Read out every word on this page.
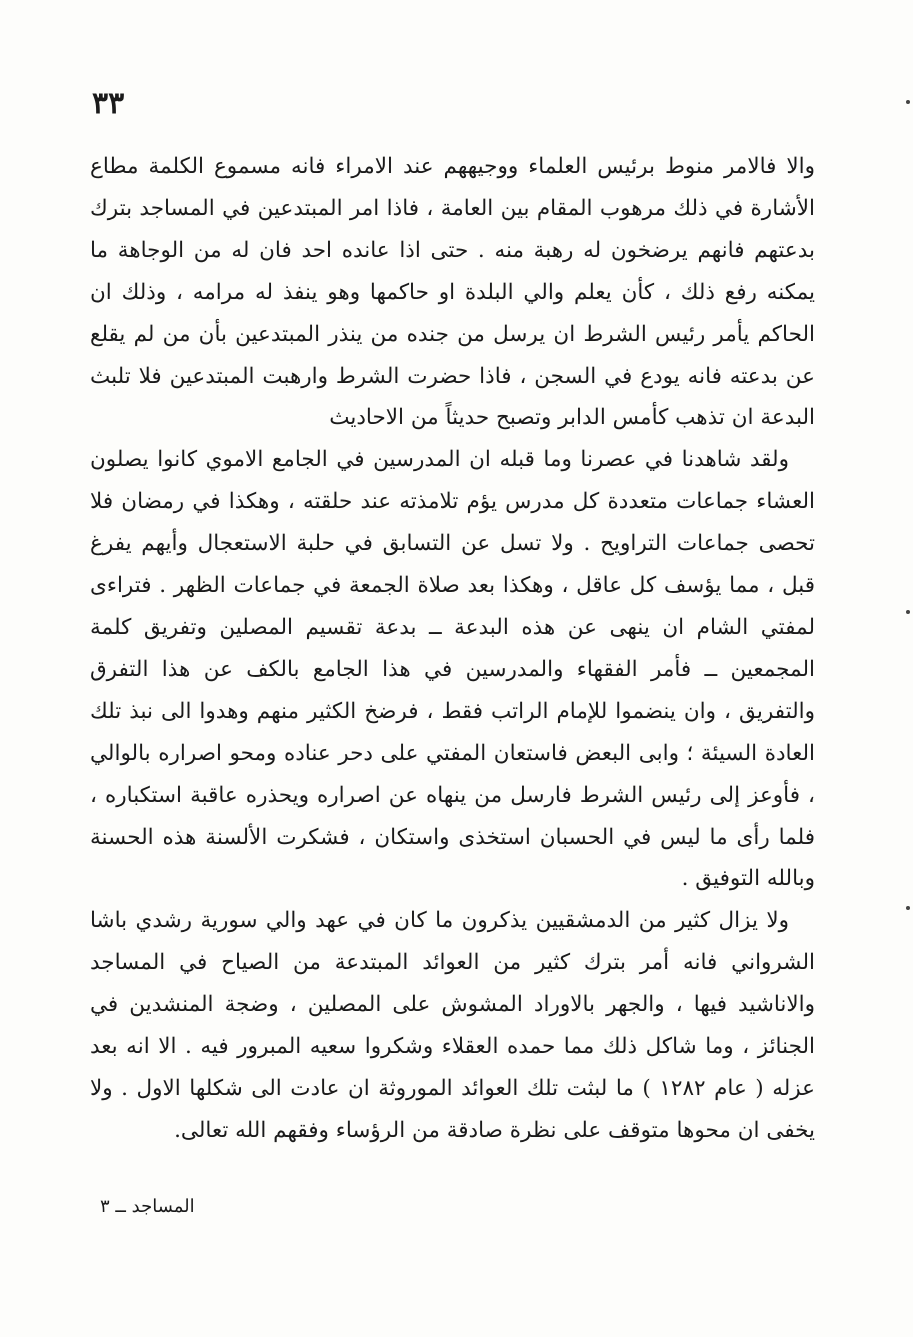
٣٣

والا فالامر منوط برئيس العلماء ووجيههم عند الامراء فانه مسموع الكلمة مطاع الأشارة في ذلك مرهوب المقام بين العامة ، فاذا امر المبتدعين في المساجد بترك بدعتهم فانهم يرضخون له رهبة منه . حتى اذا عانده احد فان له من الوجاهة ما يمكنه رفع ذلك ، كأن يعلم والي البلدة او حاكمها وهو ينفذ له مرامه ، وذلك ان الحاكم يأمر رئيس الشرط ان يرسل من جنده من ينذر المبتدعين بأن من لم يقلع عن بدعته فانه يودع في السجن ، فاذا حضرت الشرط وارهبت المبتدعين فلا تلبث البدعة ان تذهب كأمس الدابر وتصبح حديثاً من الاحاديث

ولقد شاهدنا في عصرنا وما قبله ان المدرسين في الجامع الاموي كانوا يصلون العشاء جماعات متعددة كل مدرس يؤم تلامذته عند حلقته ، وهكذا في رمضان فلا تحصى جماعات التراويح . ولا تسل عن التسابق في حلبة الاستعجال وأيهم يفرغ قبل ، مما يؤسف كل عاقل ، وهكذا بعد صلاة الجمعة في جماعات الظهر . فتراءى لمفتي الشام ان ينهى عن هذه البدعة ــ بدعة تقسيم المصلين وتفريق كلمة المجمعين ــ فأمر الفقهاء والمدرسين في هذا الجامع بالكف عن هذا التفرق والتفريق ، وان ينضموا للإمام الراتب فقط ، فرضخ الكثير منهم وهدوا الى نبذ تلك العادة السيئة ؛ وابى البعض فاستعان المفتي على دحر عناده ومحو اصراره بالوالي ، فأوعز إلى رئيس الشرط فارسل من ينهاه عن اصراره ويحذره عاقبة استكباره ، فلما رأى ما ليس في الحسبان استخذى واستكان ، فشكرت الألسنة هذه الحسنة وبالله التوفيق .

ولا يزال كثير من الدمشقيين يذكرون ما كان في عهد والي سورية رشدي باشا الشرواني فانه أمر بترك كثير من العوائد المبتدعة من الصياح في المساجد والاناشيد فيها ، والجهر بالاوراد المشوش على المصلين ، وضجة المنشدين في الجنائز ، وما شاكل ذلك مما حمده العقلاء وشكروا سعيه المبرور فيه . الا انه بعد عزله ( عام ١٢٨٢ ) ما لبثت تلك العوائد الموروثة ان عادت الى شكلها الاول . ولا يخفى ان محوها متوقف على نظرة صادقة من الرؤساء وفقهم الله تعالى.

المساجد ــ ٣
